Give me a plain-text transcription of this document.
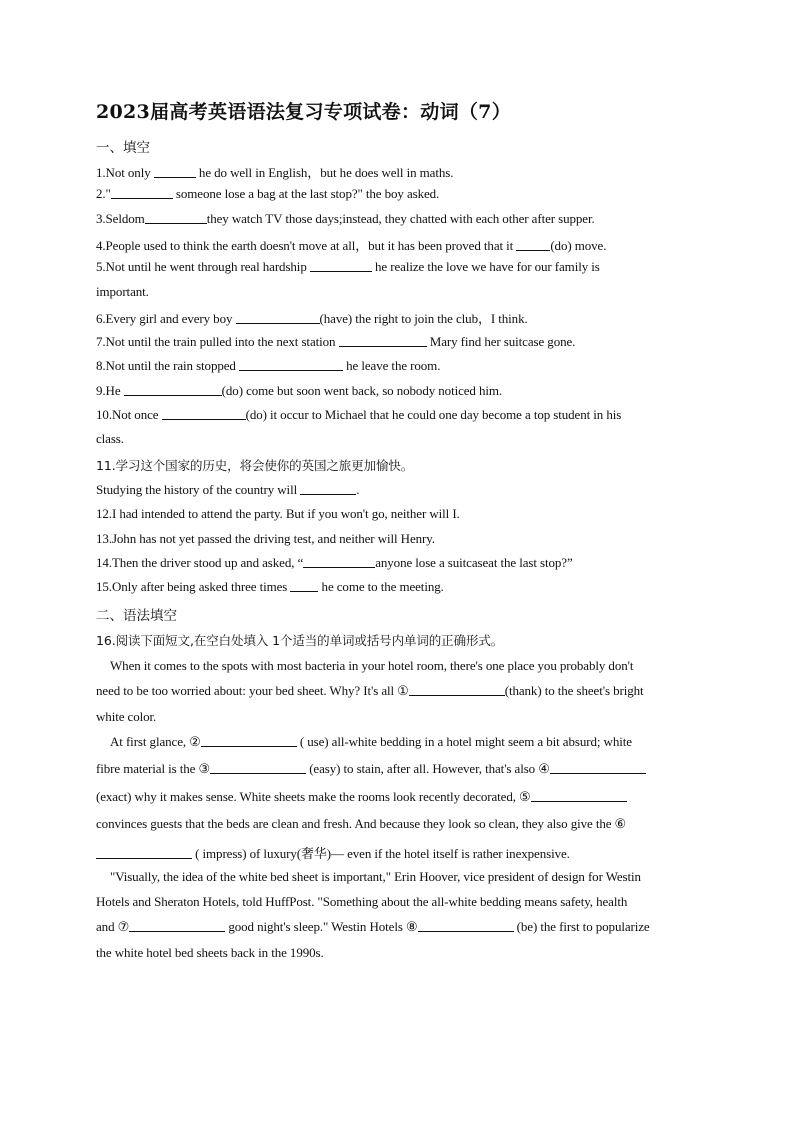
2023届高考英语语法复习专项试卷：动词（7）
一、填空
1.Not only	he do well in English，but he does well in maths.
2."	someone lose a bag at the last stop?" the boy asked.
3.Seldom	they watch TV those days;instead, they chatted with each other after supper.
4.People used to think the earth doesn't move at all，but it has been proved that it	(do) move.
5.Not until he went through real hardship	he realize the love we have for our family is
important.
6.Every girl and every boy	(have) the right to join the club，I think.
7.Not until the train pulled into the next station	Mary find her suitcase gone.
8.Not until the rain stopped	he leave the room.
9.He	(do) come but soon went back, so nobody noticed him.
10.Not once	(do) it occur to Michael that he could one day become a top student in his
class.
11.学习这个国家的历史，将会使你的英国之旅更加愉快。
Studying the history of the country will	.
12.I had intended to attend the party. But if you won't go, neither will I.
13.John has not yet passed the driving test, and neither will Henry.
14.Then the driver stood up and asked, “	anyone lose a suitcaseat the last stop?”
15.Only after being asked three times  he come to the meeting.
二、语法填空
16.阅读下面短文,在空白处填入 1个适当的单词或括号内单词的正确形式。
When it comes to the spots with most bacteria in your hotel room, there's one place you probably don't
need to be too worried about: your bed sheet. Why? It's all ①	(thank) to the sheet's bright
white color.
At first glance, ②	( use) all-white bedding in a hotel might seem a bit absurd; white
fibre material is the ③	(easy) to stain, after all. However, that's also ④
(exact) why it makes sense. White sheets make the rooms look recently decorated, ⑤
convinces guests that the beds are clean and fresh. And because they look so clean, they also give the ⑥
( impress) of luxury(奢华)— even if the hotel itself is rather inexpensive.
"Visually, the idea of the white bed sheet is important," Erin Hoover, vice president of design for Westin
Hotels and Sheraton Hotels, told HuffPost. "Something about the all-white bedding means safety, health
and ⑦	good night's sleep." Westin Hotels ⑧	(be) the first to popularize
the white hotel bed sheets back in the 1990s.
